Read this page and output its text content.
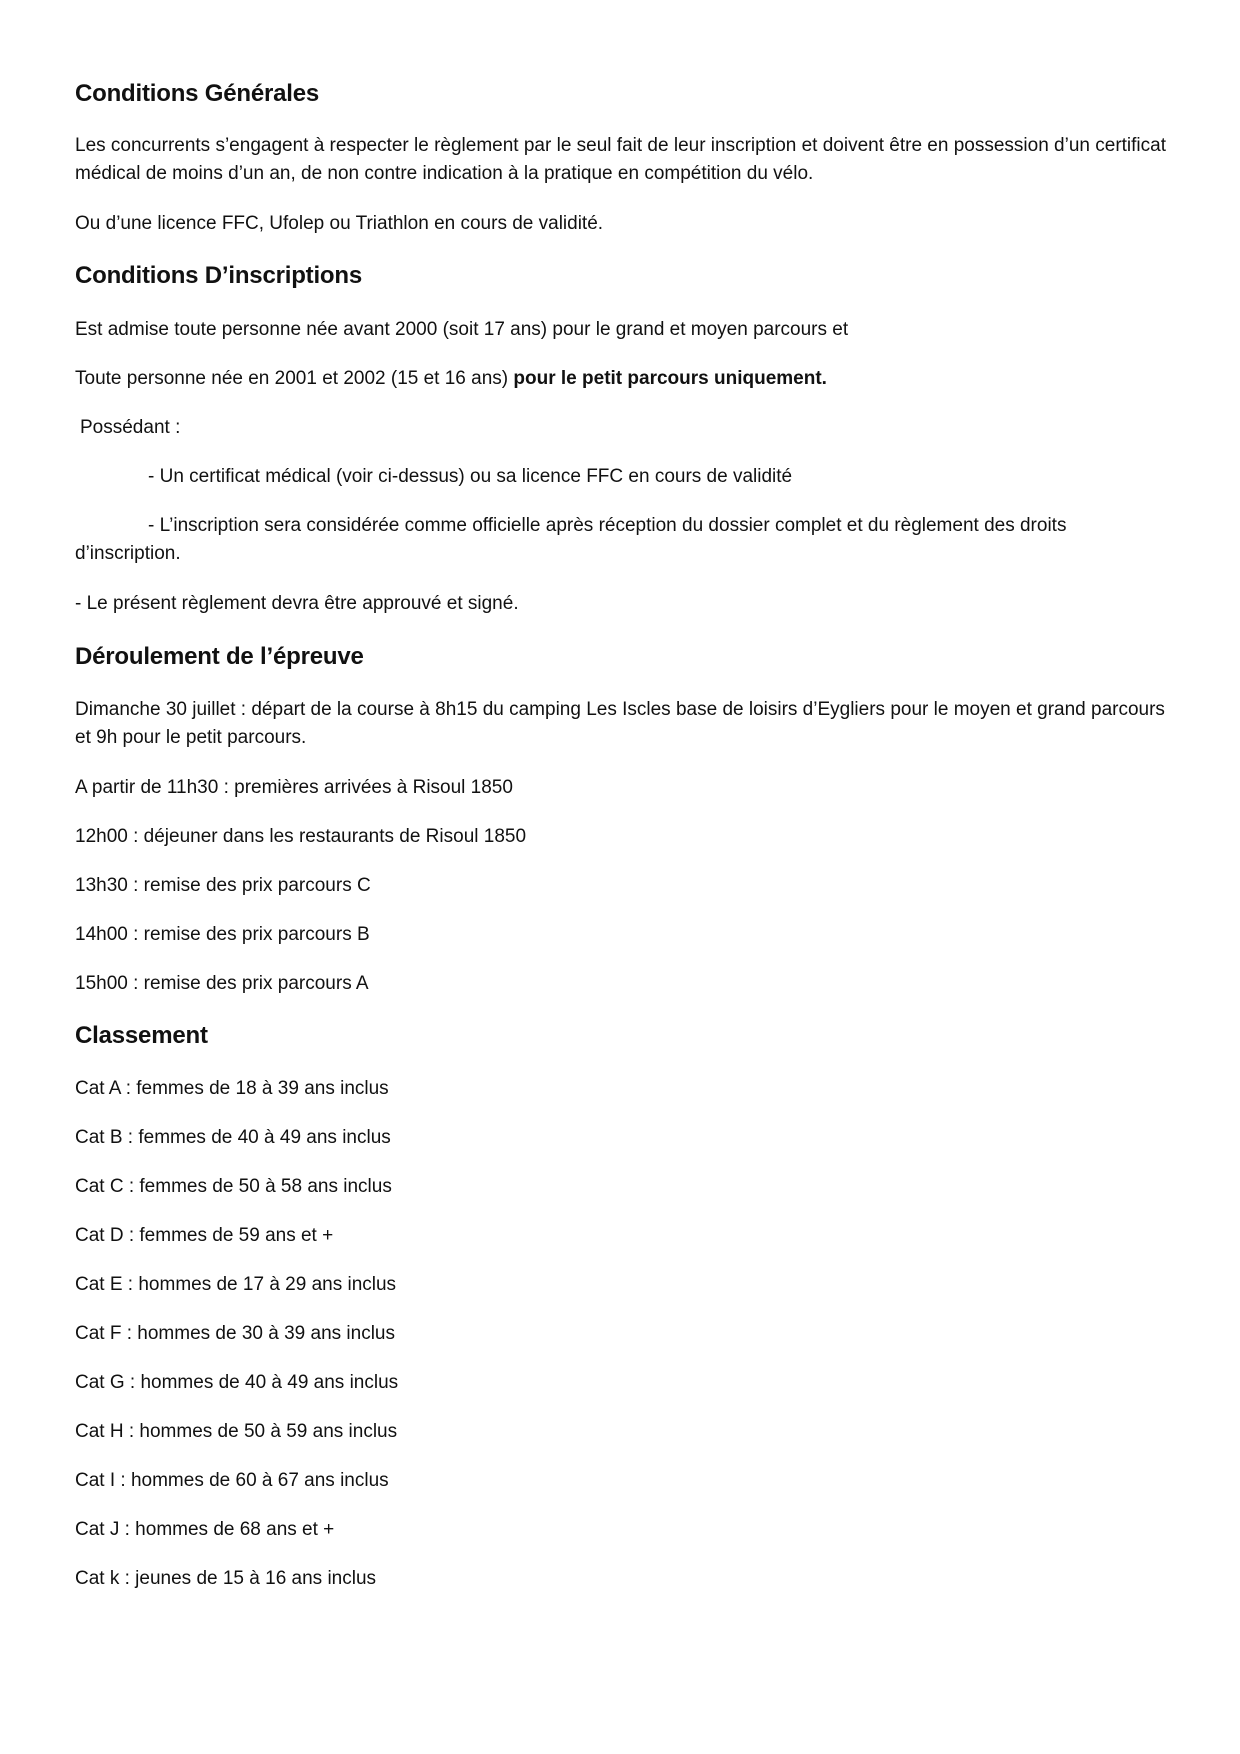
Conditions Générales

Les concurrents s’engagent à respecter le règlement par le seul fait de leur inscription et doivent être en possession d’un certificat médical de moins d’un an, de non contre indication à la pratique en compétition du vélo.

Ou d’une licence FFC, Ufolep ou Triathlon en cours de validité.

Conditions D’inscriptions

Est admise toute personne née avant 2000 (soit 17 ans) pour le grand et moyen parcours et

Toute personne née en 2001 et 2002 (15 et 16 ans) pour le petit parcours uniquement.

Possédant :

- Un certificat médical (voir ci-dessus) ou sa licence FFC en cours de validité

- L’inscription sera considérée comme officielle après réception du dossier complet et du règlement des droits d’inscription.

- Le présent règlement devra être approuvé et signé.

Déroulement de l’épreuve

Dimanche 30 juillet : départ de la course à 8h15 du camping Les Iscles base de loisirs d’Eygliers pour le moyen et grand parcours et 9h pour le petit parcours.

A partir de 11h30 : premières arrivées à Risoul 1850

12h00 : déjeuner dans les restaurants de Risoul 1850

13h30 : remise des prix parcours C

14h00 : remise des prix parcours B

15h00 : remise des prix parcours A

Classement

Cat A : femmes de 18 à 39 ans inclus

Cat B : femmes de 40 à 49 ans inclus

Cat C : femmes de 50 à 58 ans inclus

Cat D : femmes de 59 ans et +

Cat E : hommes de 17 à 29 ans inclus

Cat F : hommes de 30 à 39 ans inclus

Cat G : hommes de 40 à 49 ans inclus

Cat H : hommes de 50 à 59 ans inclus

Cat I : hommes de 60 à 67 ans inclus

Cat J : hommes de 68 ans et +

Cat k : jeunes de 15 à 16 ans inclus
